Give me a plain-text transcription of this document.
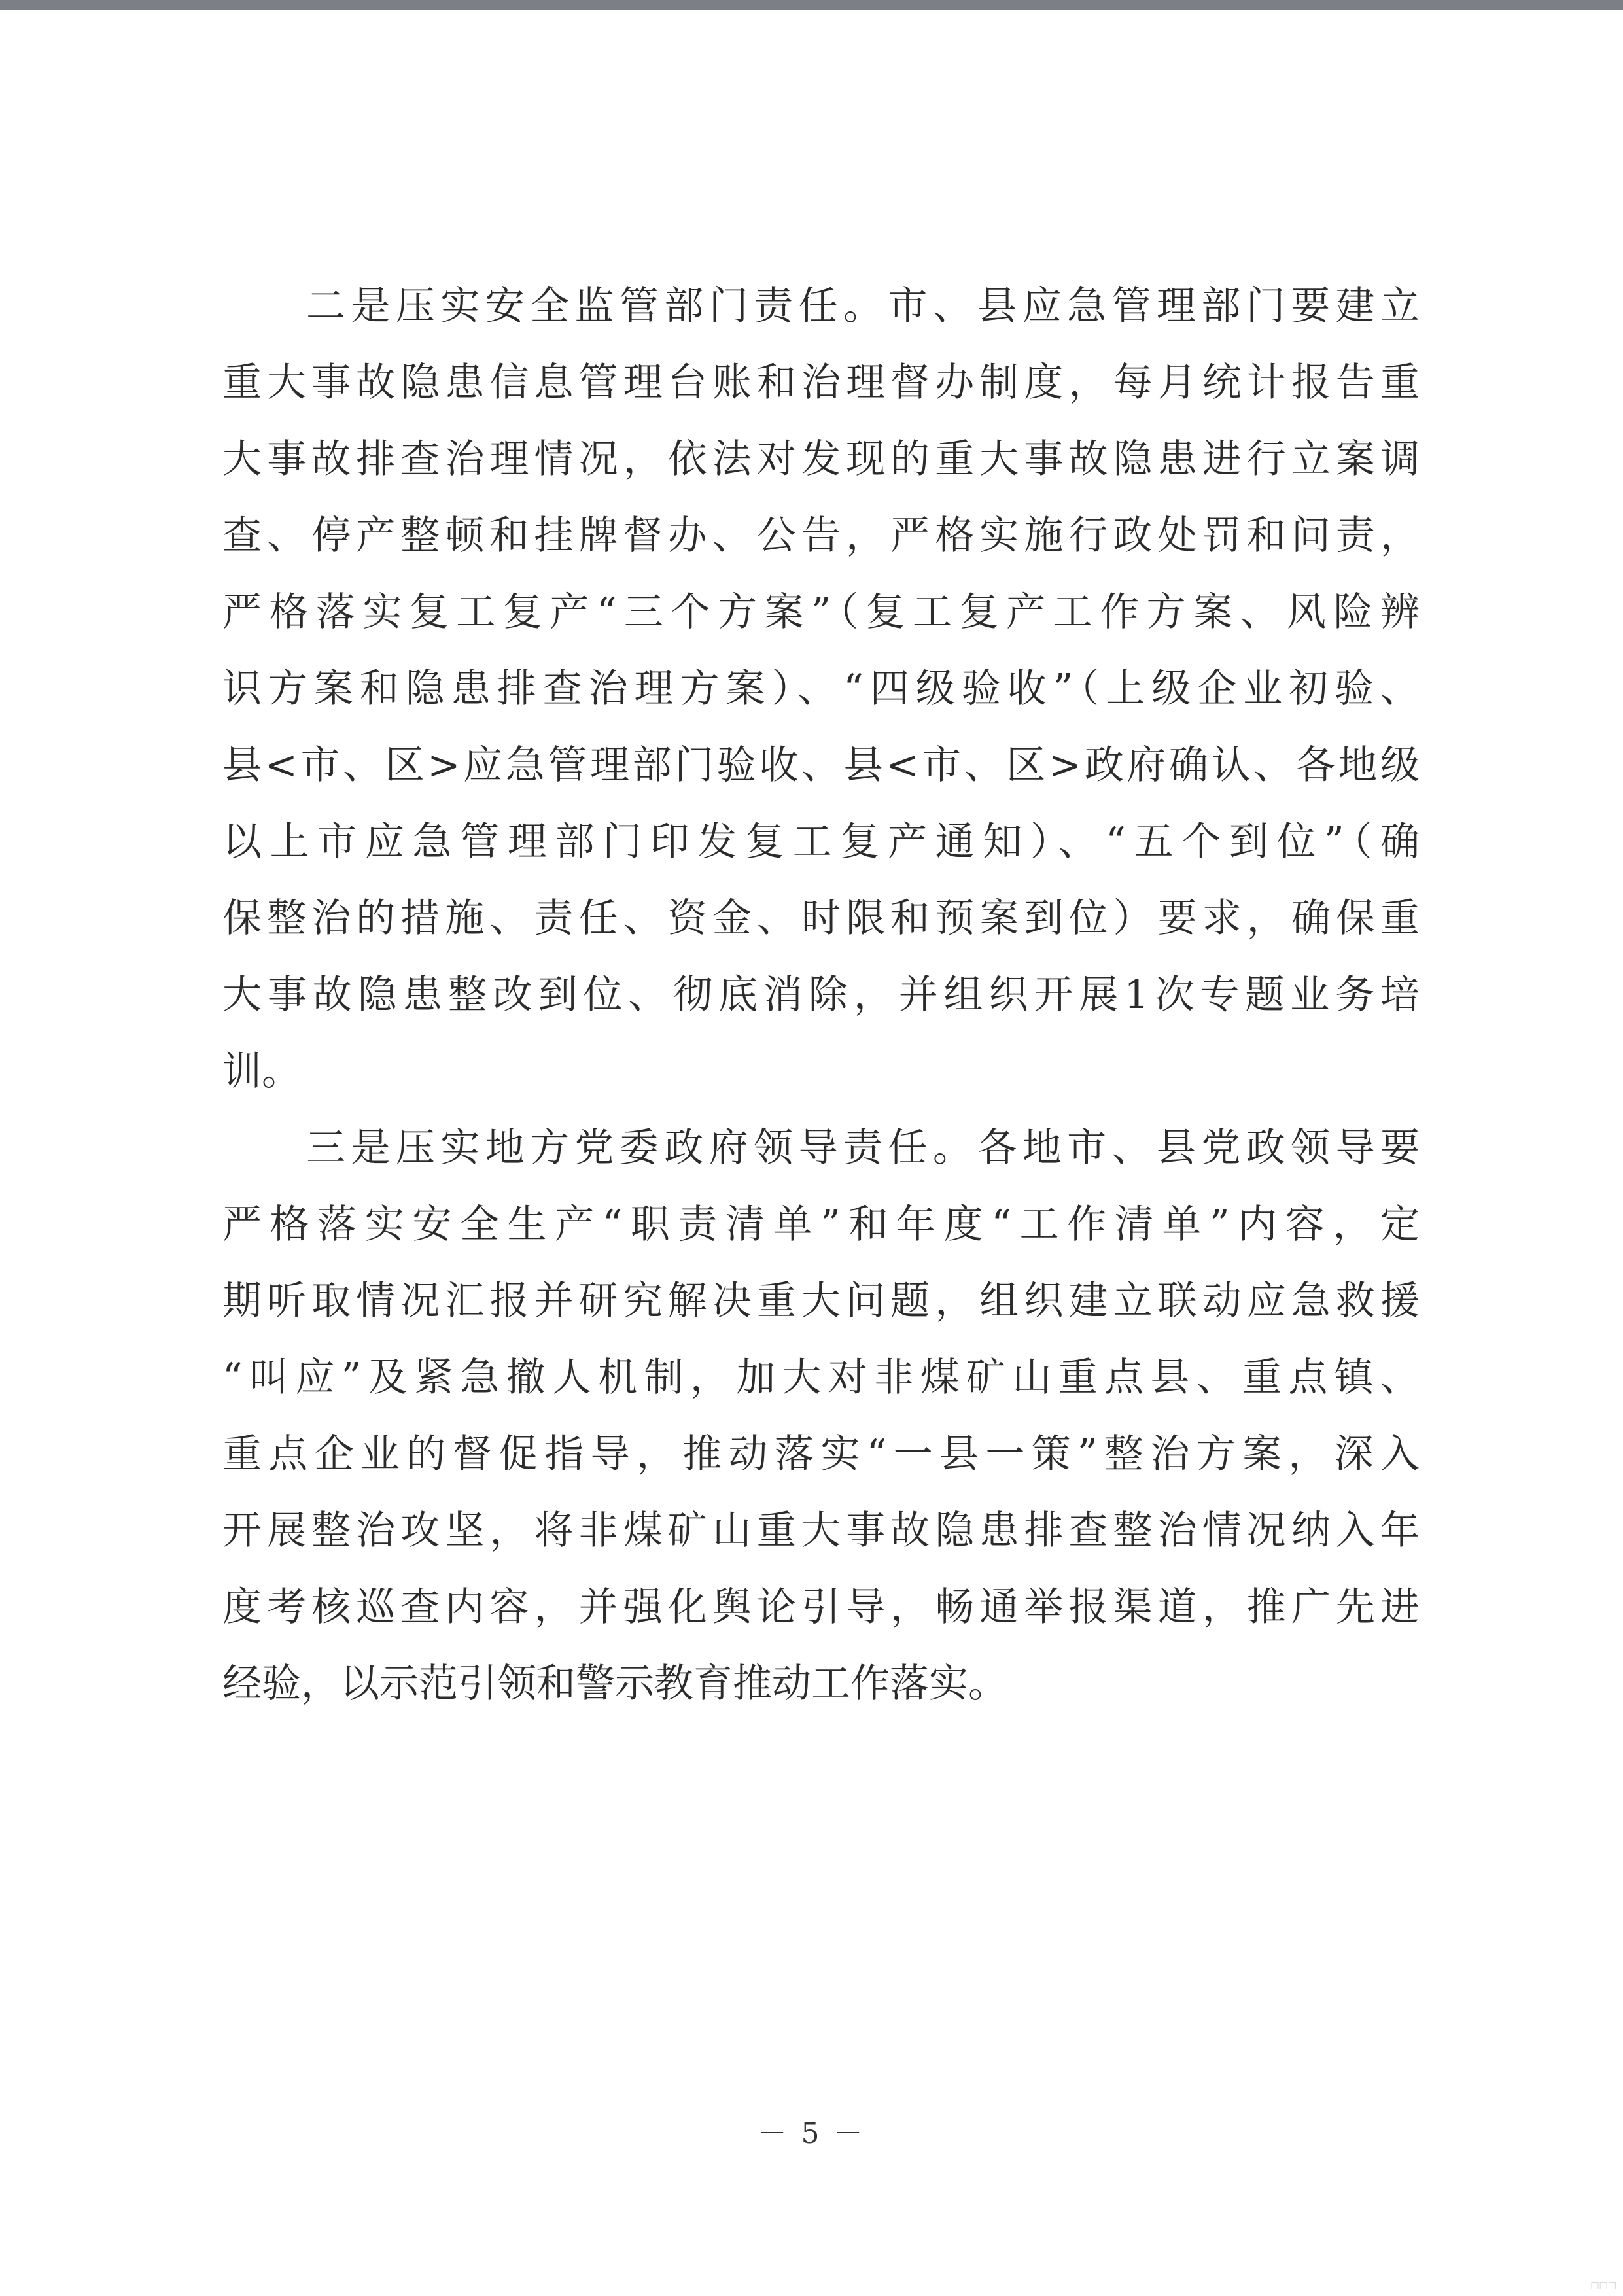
二是压实安全监管部门责任。市、县应急管理部门要建立
重大事故隐患信息管理台账和治理督办制度，每月统计报告重
大事故排查治理情况，依法对发现的重大事故隐患进行立案调
查、停产整顿和挂牌督办、公告，严格实施行政处罚和问责，
严格落实复工复产“三个方案”（复工复产工作方案、风险辨
识方案和隐患排查治理方案）、“四级验收”（上级企业初验、
县<市、区>应急管理部门验收、县<市、区>政府确认、各地级
以上市应急管理部门印发复工复产通知）、“五个到位”（确
保整治的措施、责任、资金、时限和预案到位）要求，确保重
大事故隐患整改到位、彻底消除，并组织开展1次专题业务培
训。
三是压实地方党委政府领导责任。各地市、县党政领导要
严格落实安全生产“职责清单”和年度“工作清单”内容，定
期听取情况汇报并研究解决重大问题，组织建立联动应急救援
“叫应”及紧急撤人机制，加大对非煤矿山重点县、重点镇、
重点企业的督促指导，推动落实“一县一策”整治方案，深入
开展整治攻坚，将非煤矿山重大事故隐患排查整治情况纳入年
度考核巡查内容，并强化舆论引导，畅通举报渠道，推广先进
经验，以示范引领和警示教育推动工作落实。
－ 5 －
□□□
